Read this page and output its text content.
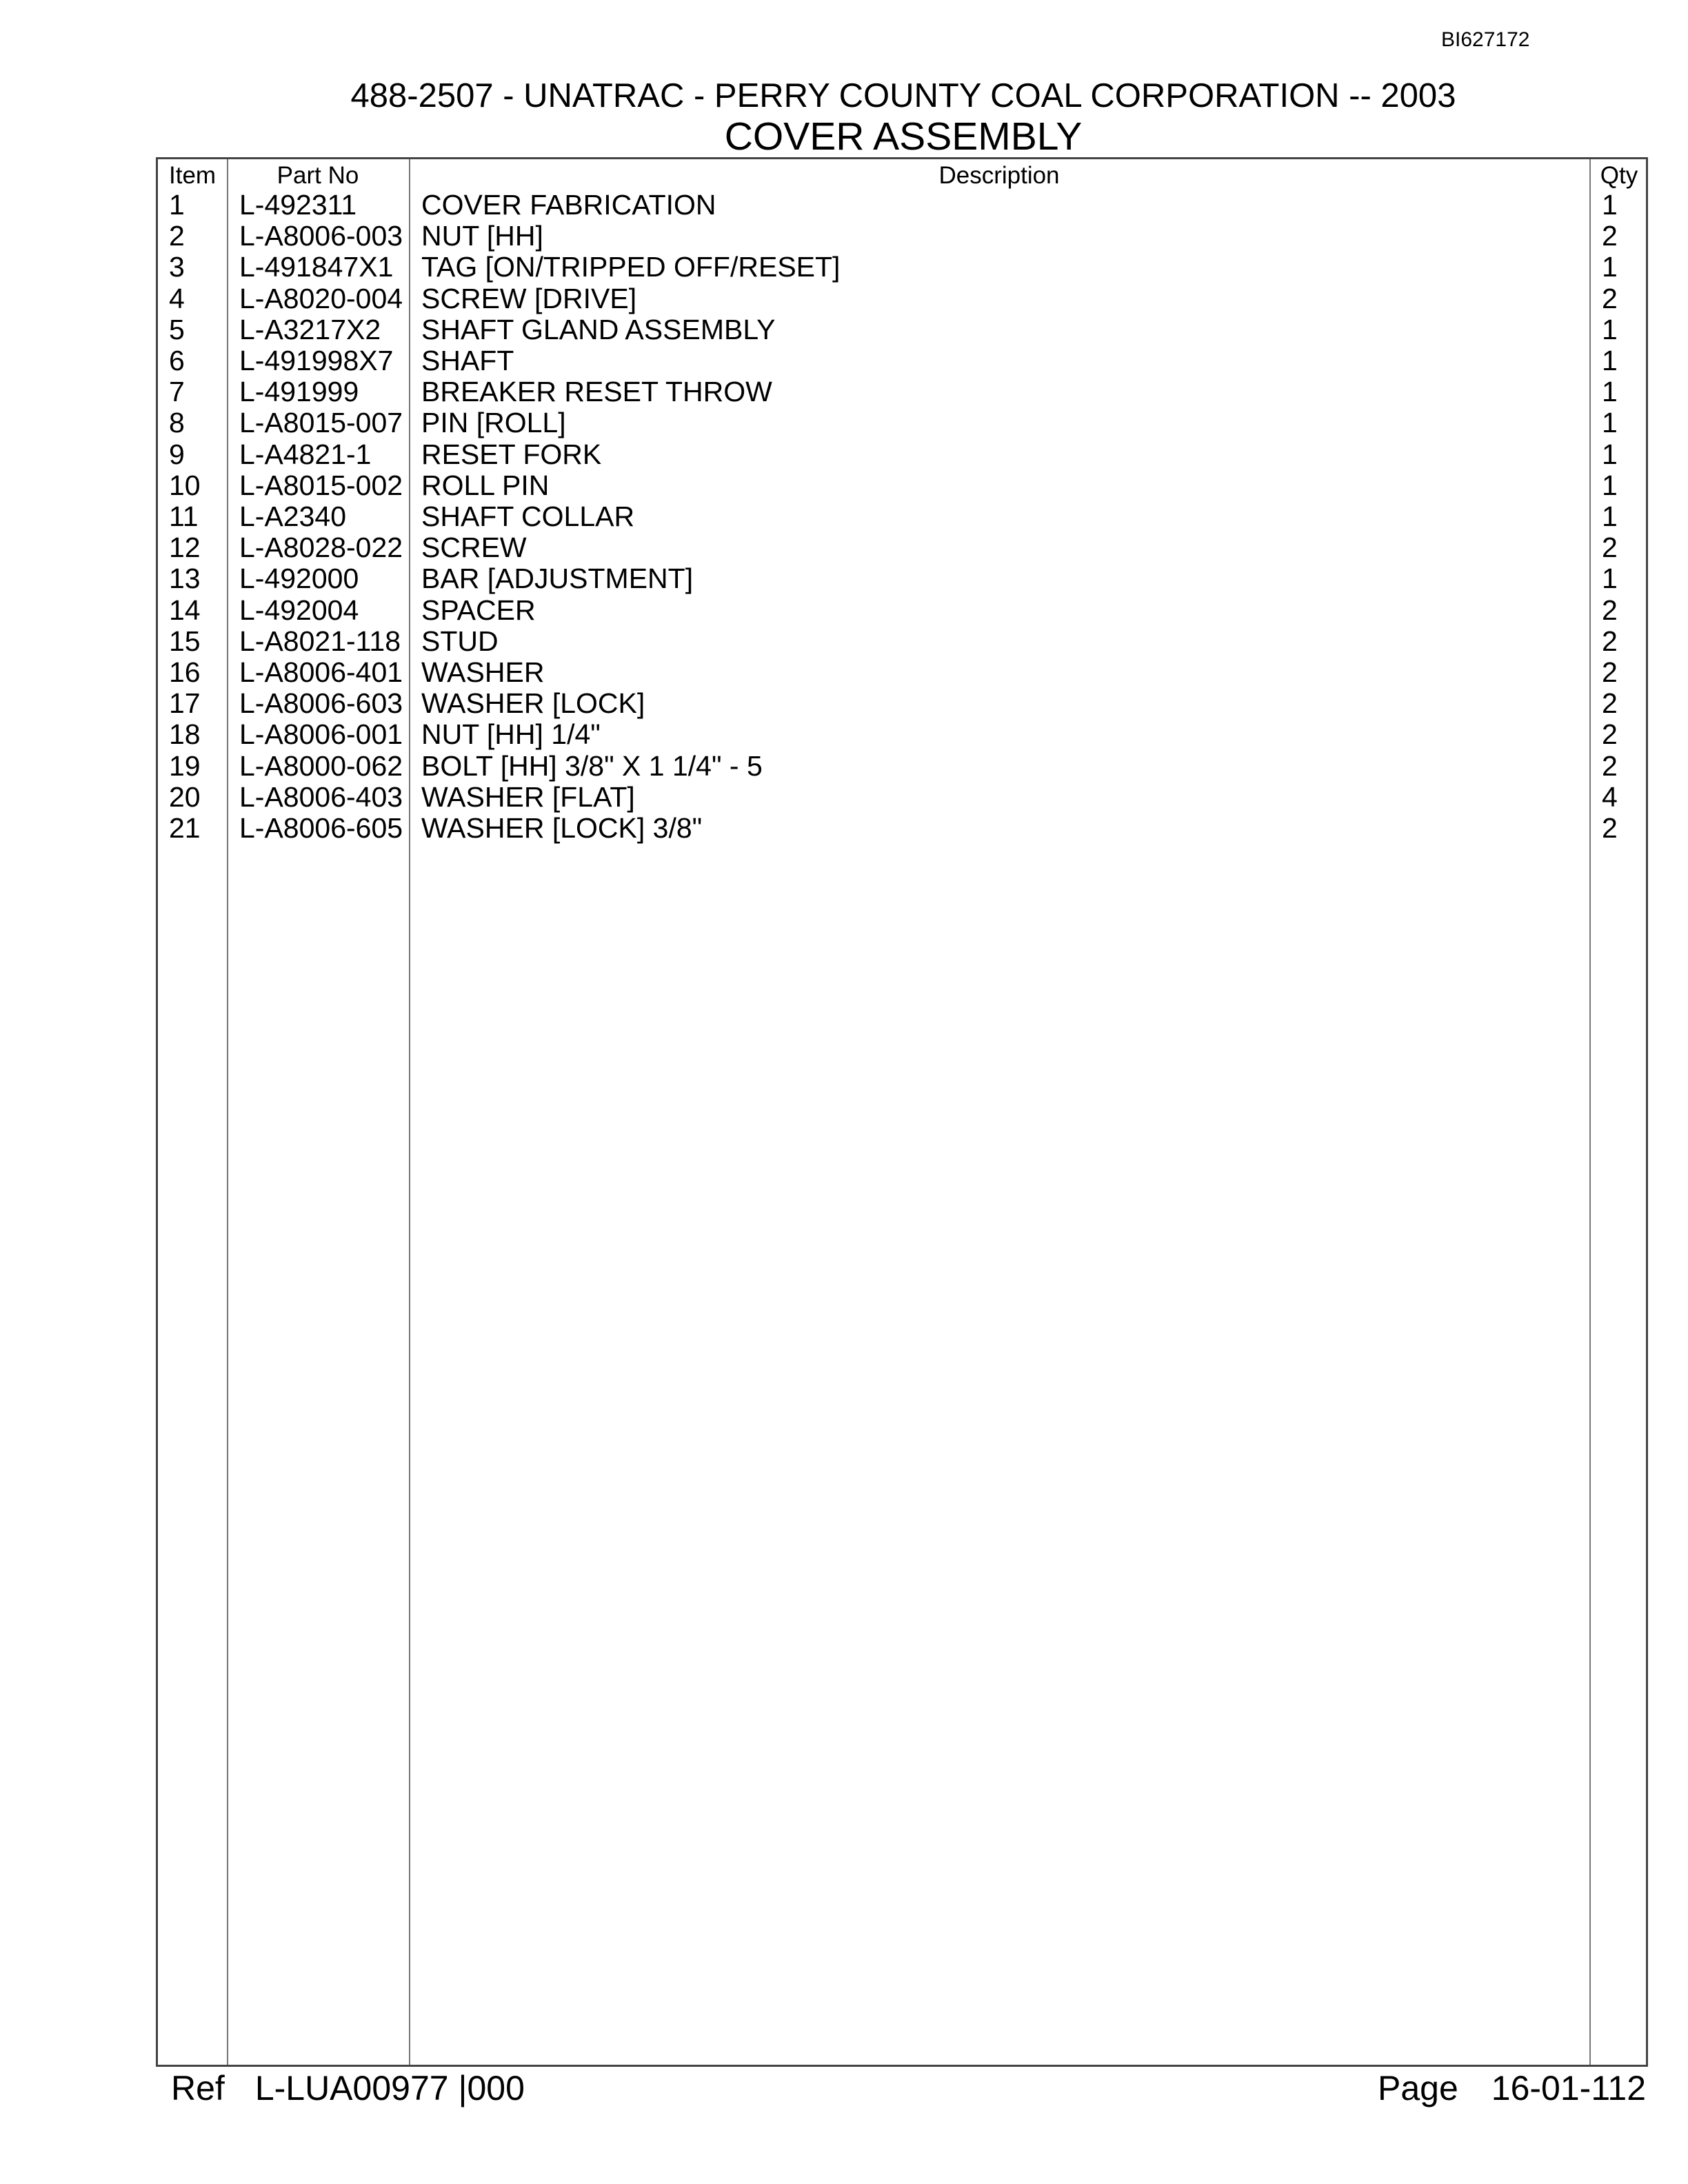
BI627172
488-2507 - UNATRAC - PERRY COUNTY COAL CORPORATION -- 2003
COVER ASSEMBLY
Item	Part No	Description	Qty
1 L-492311 COVER FABRICATION	1
2 L-A8006-003 NUT [HH]	2
3 L-491847X1 TAG [ON/TRIPPED OFF/RESET]	1
4 L-A8020-004 SCREW [DRIVE]	2
5 L-A3217X2 SHAFT GLAND ASSEMBLY	1
6 L-491998X7 SHAFT	1
7 L-491999 BREAKER RESET THROW	1
8 L-A8015-007 PIN [ROLL]	1
9 L-A4821-1 RESET FORK	1
10 L-A8015-002 ROLL PIN	1
11 L-A2340	SHAFT COLLAR	1
12 L-A8028-022 SCREW	2
13 L-492000 BAR [ADJUSTMENT]	1
14 L-492004 SPACER	2
15 L-A8021-118 STUD	2
16 L-A8006-401 WASHER	2
17 L-A8006-603 WASHER [LOCK]	2
18 L-A8006-001 NUT [HH] 1/4"	2
19 L-A8000-062 BOLT [HH] 3/8" X 1 1/4" - 5	2
20 L-A8006-403 WASHER [FLAT]	4
21 L-A8006-605 WASHER [LOCK] 3/8"	2
Ref L-LUA00977 |000	Page 16-01-112
